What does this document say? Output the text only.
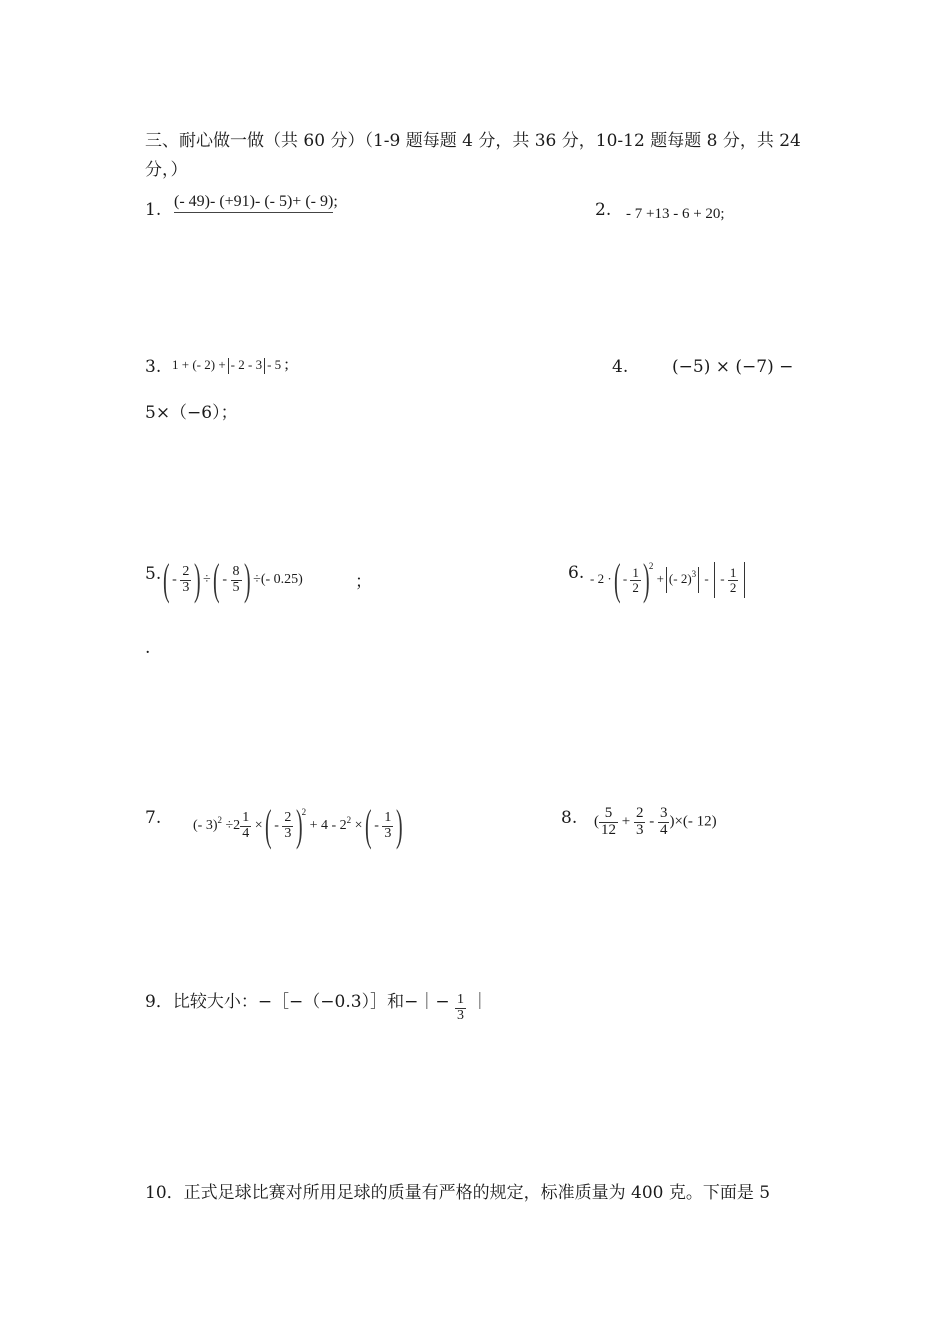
三、耐心做一做（共 60 分）（1-9 题每题 4 分，共 36 分，10-12 题每题 8 分，共 24
分，）
1. (- 49)- (+91)- (- 5)+ (- 9);	2. - 7 +13 - 6 + 20;
3. 1 + (- 2) + - 2 - 3 - 5 ;	4.	(−5) × (−7) −
5×（−6）；
5. ( - $\frac{2}{3}$ ) ÷ ( - $\frac{8}{5}$ ) ÷(- 0.25)	；
.
6. - 2 · ( - $\frac{1}{2} )^2$ + (- 2)$^3$ - - $\frac{1}{2}$

7. (- $3)^2 \div 2 \frac{1}{4}$ × ( - $\frac{2}{3} )^2 + 4 - 2^2$ × ( - $\frac{1}{3}$ )	8. ( $\frac{5}{12} + \frac{2}{3} - \frac{3}{4}$ )×(- 12)
9．比较大小：−［−（−0.3）］和−｜− $\frac{1}{3}$ ｜
10．正式足球比赛对所用足球的质量有严格的规定，标准质量为 400 克。下面是 5
